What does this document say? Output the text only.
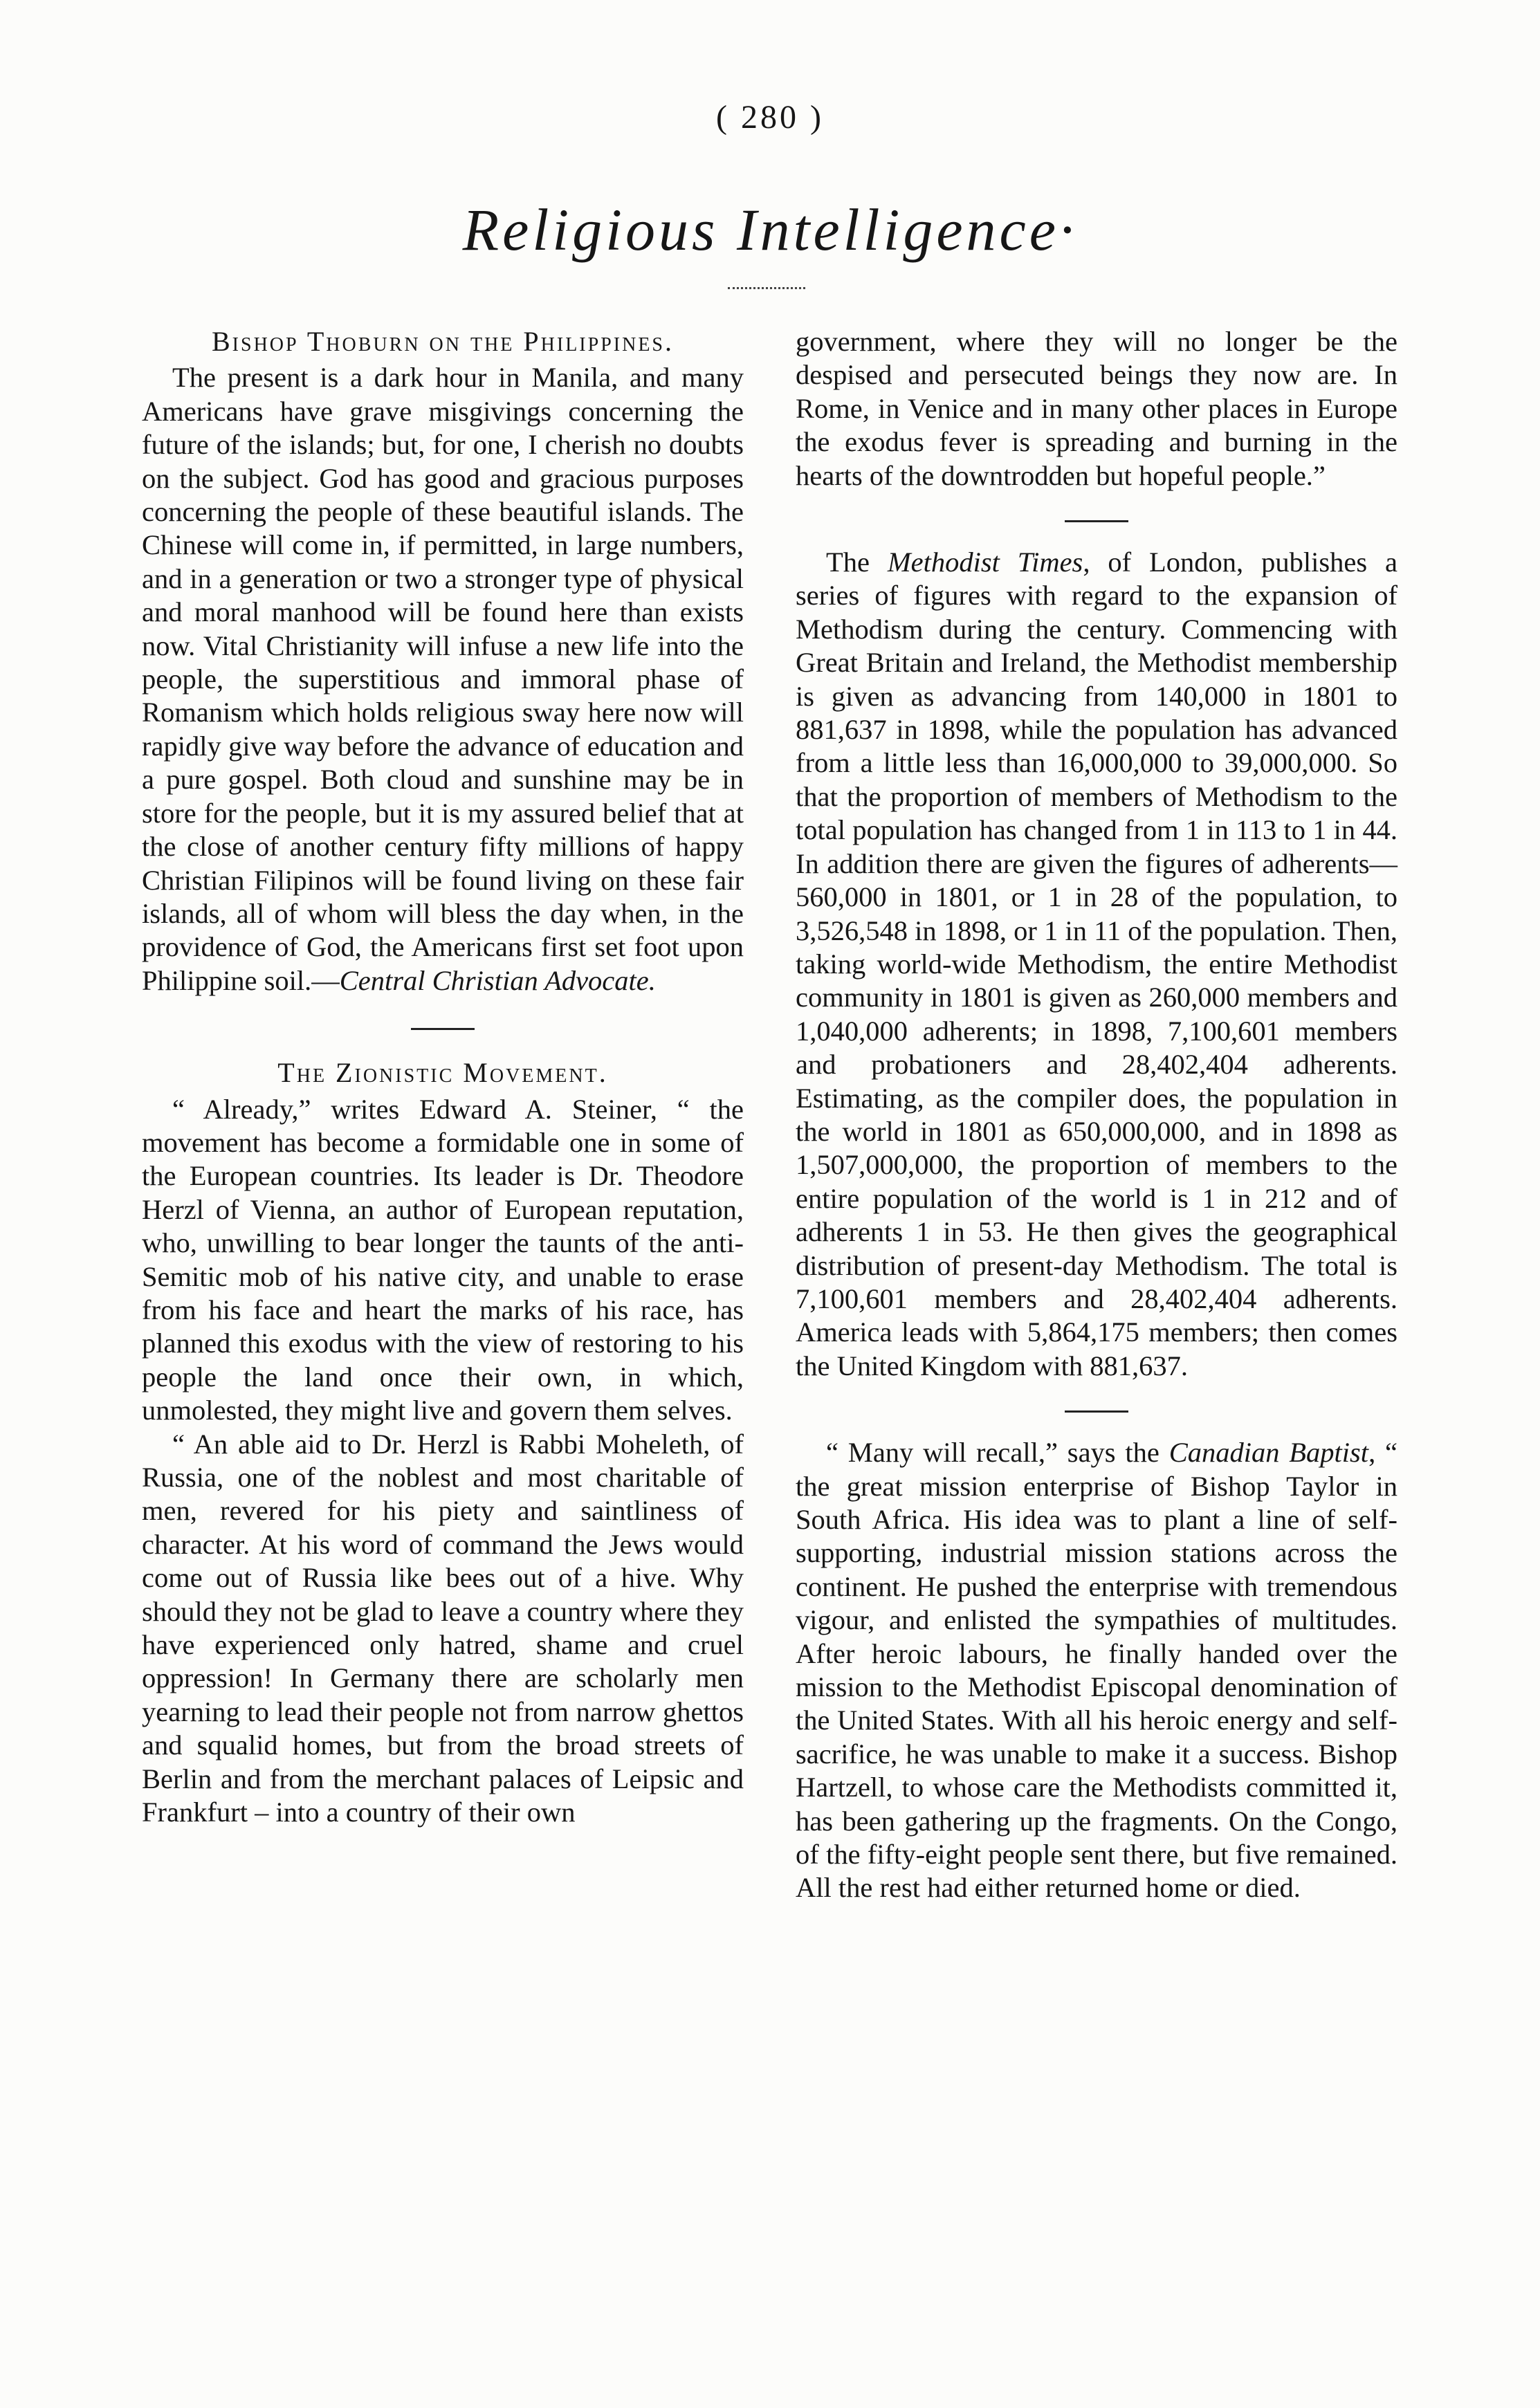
( 280 )
Religious Intelligence·
Bishop Thoburn on the Philippines.

The present is a dark hour in Manila, and many Americans have grave misgivings concerning the future of the islands; but, for one, I cherish no doubts on the subject. God has good and gracious purposes concerning the people of these beautiful islands. The Chinese will come in, if permitted, in large numbers, and in a generation or two a stronger type of physical and moral manhood will be found here than exists now. Vital Christianity will infuse a new life into the people, the superstitious and immoral phase of Romanism which holds religious sway here now will rapidly give way before the advance of education and a pure gospel. Both cloud and sunshine may be in store for the people, but it is my assured belief that at the close of another century fifty millions of happy Christian Filipinos will be found living on these fair islands, all of whom will bless the day when, in the providence of God, the Americans first set foot upon Philippine soil.—Central Christian Advocate.

The Zionistic Movement.

“ Already,” writes Edward A. Steiner, “ the movement has become a formidable one in some of the European countries. Its leader is Dr. Theodore Herzl of Vienna, an author of European reputation, who, unwilling to bear longer the taunts of the anti-Semitic mob of his native city, and unable to erase from his face and heart the marks of his race, has planned this exodus with the view of restoring to his people the land once their own, in which, unmolested, they might live and govern them selves.

“ An able aid to Dr. Herzl is Rabbi Moheleth, of Russia, one of the noblest and most charitable of men, revered for his piety and saintliness of character. At his word of command the Jews would come out of Russia like bees out of a hive. Why should they not be glad to leave a country where they have experienced only hatred, shame and cruel oppression! In Germany there are scholarly men yearning to lead their people not from narrow ghettos and squalid homes, but from the broad streets of Berlin and from the merchant palaces of Leipsic and Frankfurt – into a country of their own

government, where they will no longer be the despised and persecuted beings they now are. In Rome, in Venice and in many other places in Europe the exodus fever is spreading and burning in the hearts of the downtrodden but hopeful people.”

The Methodist Times, of London, publishes a series of figures with regard to the expansion of Methodism during the century. Commencing with Great Britain and Ireland, the Methodist membership is given as advancing from 140,000 in 1801 to 881,637 in 1898, while the population has advanced from a little less than 16,000,000 to 39,000,000. So that the proportion of members of Methodism to the total population has changed from 1 in 113 to 1 in 44. In addition there are given the figures of adherents—560,000 in 1801, or 1 in 28 of the population, to 3,526,548 in 1898, or 1 in 11 of the population. Then, taking world-wide Methodism, the entire Methodist community in 1801 is given as 260,000 members and 1,040,000 adherents; in 1898, 7,100,601 members and probationers and 28,402,404 adherents. Estimating, as the compiler does, the population in the world in 1801 as 650,000,000, and in 1898 as 1,507,000,000, the proportion of members to the entire population of the world is 1 in 212 and of adherents 1 in 53. He then gives the geographical distribution of present-day Methodism. The total is 7,100,601 members and 28,402,404 adherents. America leads with 5,864,175 members; then comes the United Kingdom with 881,637.

“ Many will recall,” says the Canadian Baptist, “ the great mission enterprise of Bishop Taylor in South Africa. His idea was to plant a line of self-supporting, industrial mission stations across the continent. He pushed the enterprise with tremendous vigour, and enlisted the sympathies of multitudes. After heroic labours, he finally handed over the mission to the Methodist Episcopal denomination of the United States. With all his heroic energy and self-sacrifice, he was unable to make it a success. Bishop Hartzell, to whose care the Methodists committed it, has been gathering up the fragments. On the Congo, of the fifty-eight people sent there, but five remained. All the rest had either returned home or died.
